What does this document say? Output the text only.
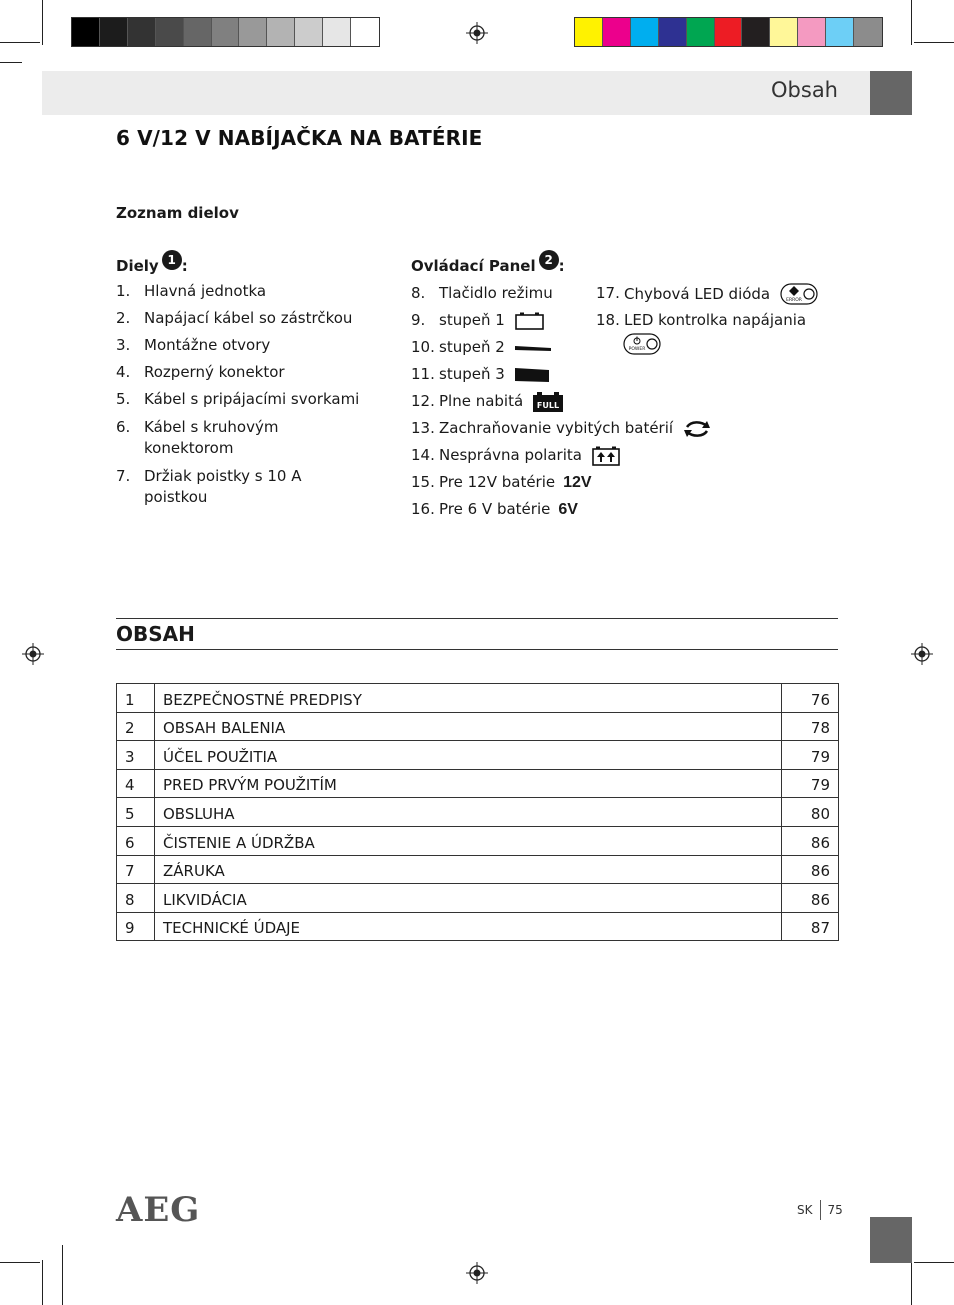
Obsah
6 V/12 V NABÍJAČKA NA BATÉRIE
Zoznam dielov
Diely 1 :
1. Hlavná jednotka
2. Napájací kábel so zástrčkou
3. Montážne otvory
4. Rozperný konektor
5. Kábel s pripájacími svorkami
6. Kábel s kruhovým konektorom
7. Držiak poistky s 10 A poistkou
Ovládací Panel 2 :
8. Tlačidlo režimu
9. stupeň 1
10. stupeň 2
11. stupeň 3
12. Plne nabitá FULL
13. Zachraňovanie vybitých batérií
14. Nesprávna polarita
15. Pre 12V batérie 12V
16. Pre 6 V batérie 6V
17. Chybová LED dióda	ERROR
18. LED kontrolka napájania
POWER
OBSAH
1	BEZPEČNOSTNÉ PREDPISY	76
2	OBSAH BALENIA	78
3	ÚČEL POUŽITIA	79
4	PRED PRVÝM POUŽITÍM	79
5	OBSLUHA	80
6	ČISTENIE A ÚDRŽBA	86
7	ZÁRUKA	86
8	LIKVIDÁCIA	86
9	TECHNICKÉ ÚDAJE	87
AEG	SK 75
